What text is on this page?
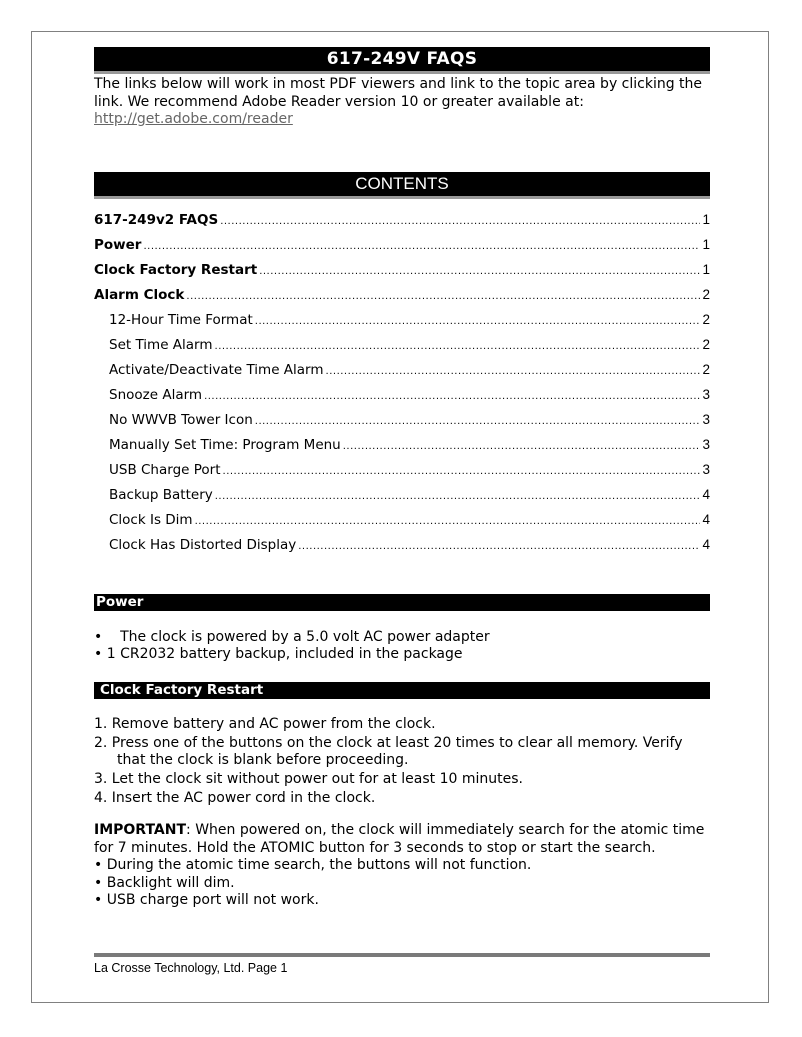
617-249V FAQS
The links below will work in most PDF viewers and link to the topic area by clicking the link. We recommend Adobe Reader version 10 or greater available at:
http://get.adobe.com/reader
CONTENTS
617-249v2 FAQS .....	1
Power .....	1
Clock Factory Restart .....	1
Alarm Clock .....	2
12-Hour Time Format .....	2
Set Time Alarm .....	2
Activate/Deactivate Time Alarm .....	2
Snooze Alarm .....	3
No WWVB Tower Icon .....	3
Manually Set Time: Program Menu .....	3
USB Charge Port .....	3
Backup Battery .....	4
Clock Is Dim .....	4
Clock Has Distorted Display .....	4
Power
•    The clock is powered by a 5.0 volt AC power adapter
• 1 CR2032 battery backup, included in the package
Clock Factory Restart
1. Remove battery and AC power from the clock.
2. Press one of the buttons on the clock at least 20 times to clear all memory. Verify that the clock is blank before proceeding.
3. Let the clock sit without power out for at least 10 minutes.
4. Insert the AC power cord in the clock.
IMPORTANT: When powered on, the clock will immediately search for the atomic time for 7 minutes. Hold the ATOMIC button for 3 seconds to stop or start the search.
• During the atomic time search, the buttons will not function.
• Backlight will dim.
• USB charge port will not work.
La Crosse Technology, Ltd. Page 1
